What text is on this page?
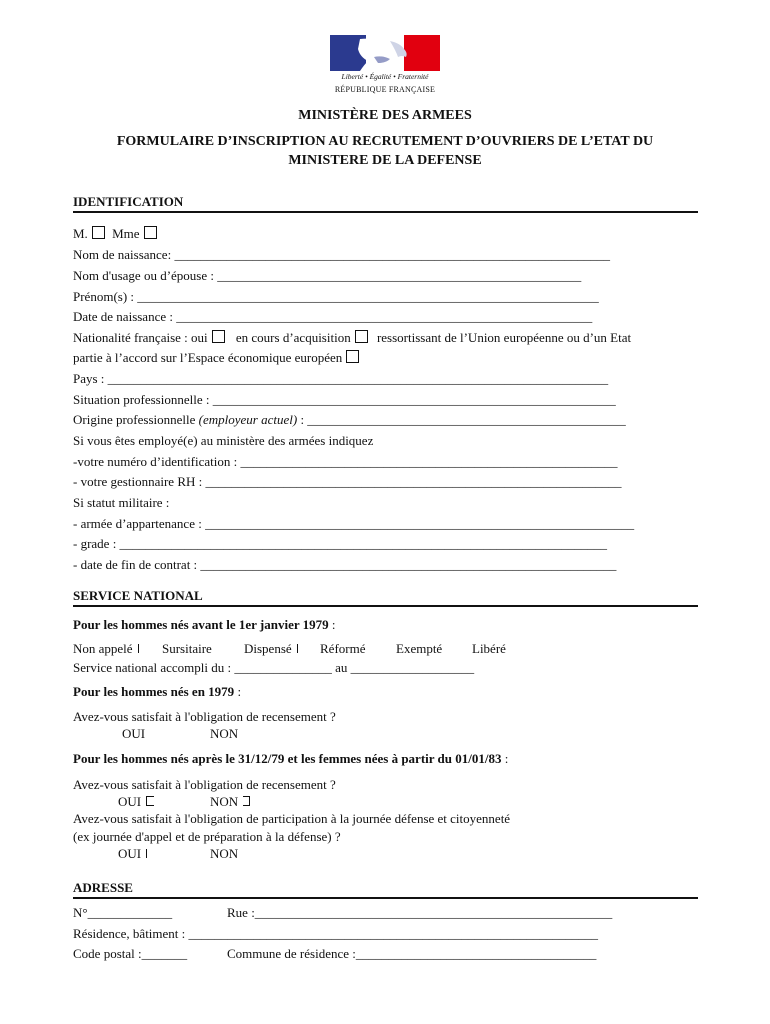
Liberté • Égalité • Fraternité
RÉPUBLIQUE FRANÇAISE
MINISTÈRE DES ARMEES
FORMULAIRE D’INSCRIPTION AU RECRUTEMENT D’OUVRIERS DE L’ETAT DU
MINISTERE DE LA DEFENSE
IDENTIFICATION
M. Mme
Nom de naissance: ___________________________________________________________________
Nom d'usage ou d’épouse : ________________________________________________________
Prénom(s) : _______________________________________________________________________
Date de naissance : ________________________________________________________________
Nationalité française : oui en cours d’acquisition ressortissant de l’Union européenne ou d’un Etat
partie à l’accord sur l’Espace économique européen
Pays : _____________________________________________________________________________
Situation professionnelle : ______________________________________________________________
Origine professionnelle (employeur actuel) : _________________________________________________
Si vous êtes employé(e) au ministère des armées indiquez
-votre numéro d’identification : __________________________________________________________
- votre gestionnaire RH : ________________________________________________________________
Si statut militaire :
- armée d’appartenance : __________________________________________________________________
- grade : ___________________________________________________________________________
- date de fin de contrat : ________________________________________________________________
SERVICE NATIONAL
Pour les hommes nés avant le 1er janvier 1979 :
Non appelé	Sursitaire Dispensé	Réformé Exempté Libéré
Service national accompli du : _______________ au ___________________
Pour les hommes nés en 1979 :
Avez-vous satisfait à l'obligation de recensement ?
OUI	NON
Pour les hommes nés après le 31/12/79 et les femmes nées à partir du 01/01/83 :
Avez-vous satisfait à l'obligation de recensement ?
OUI	NON
Avez-vous satisfait à l'obligation de participation à la journée défense et citoyenneté
(ex journée d'appel et de préparation à la défense) ?
OUI	NON
ADRESSE
N°_____________	Rue :_______________________________________________________
Résidence, bâtiment : _______________________________________________________________
Code postal :_______	Commune de résidence :_____________________________________
